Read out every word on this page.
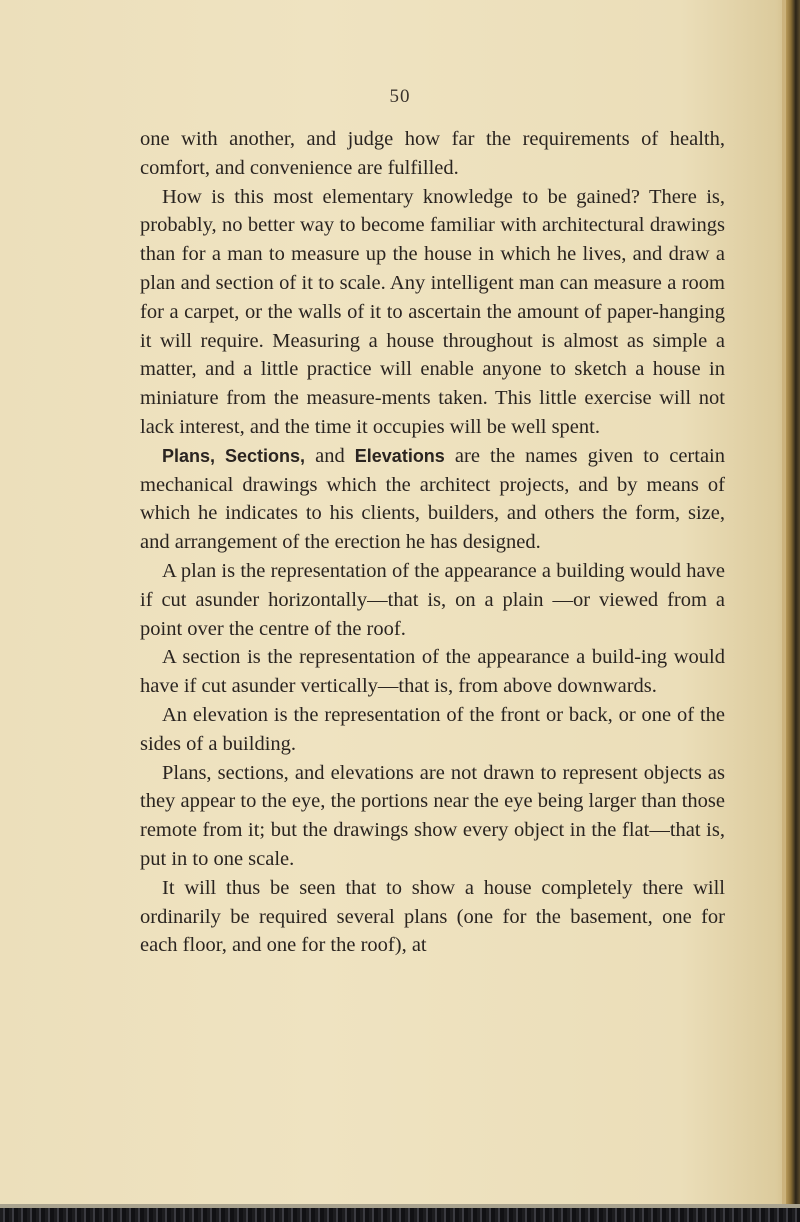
50

one with another, and judge how far the requirements of health, comfort, and convenience are fulfilled.

How is this most elementary knowledge to be gained? There is, probably, no better way to become familiar with architectural drawings than for a man to measure up the house in which he lives, and draw a plan and section of it to scale. Any intelligent man can measure a room for a carpet, or the walls of it to ascertain the amount of paper-hanging it will require. Measuring a house throughout is almost as simple a matter, and a little practice will enable anyone to sketch a house in miniature from the measure-ments taken. This little exercise will not lack interest, and the time it occupies will be well spent.

Plans, Sections, and Elevations are the names given to certain mechanical drawings which the architect projects, and by means of which he indicates to his clients, builders, and others the form, size, and arrangement of the erection he has designed.

A plan is the representation of the appearance a building would have if cut asunder horizontally—that is, on a plain —or viewed from a point over the centre of the roof.

A section is the representation of the appearance a build-ing would have if cut asunder vertically—that is, from above downwards.

An elevation is the representation of the front or back, or one of the sides of a building.

Plans, sections, and elevations are not drawn to represent objects as they appear to the eye, the portions near the eye being larger than those remote from it; but the drawings show every object in the flat—that is, put in to one scale.

It will thus be seen that to show a house completely there will ordinarily be required several plans (one for the basement, one for each floor, and one for the roof), at
